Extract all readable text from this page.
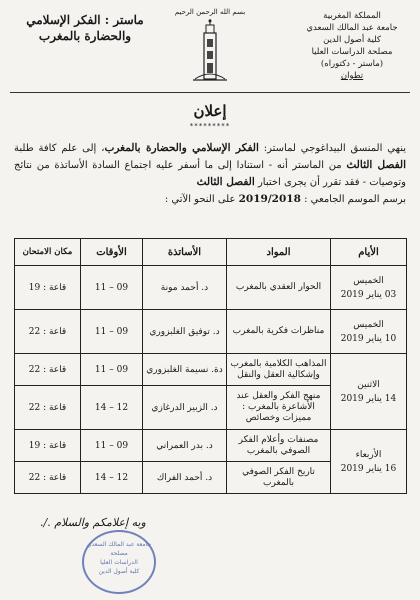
المملكة المغربية
جامعة عبد المالك السعدي
كلية أصول الدين
مصلحة الدراسات العليا
(ماستر - دكتوراه)
تطوان
بسم الله الرحمن الرحيم
ماستر : الفكر الإسلامي
والحضارة بالمغرب
إعلان
*********
ينهي المنسق البيداغوجي لماستر: الفكر الإسلامي والحضارة بالمغرب، إلى علم كافة طلبة الفصل الثالث من الماستر أنه - استنادا إلى ما أسفر عليه اجتماع السادة الأساتذة من نتائج وتوصيات - فقد تقرر أن يجرى اختبار الفصل الثالث
برسم الموسم الجامعي : 2019/2018 على النحو الآتي :
الأيام	المواد	الأساتذة	الأوقات	مكان الامتحان

الخميس
03 يناير 2019	الحوار العقدي بالمغرب	د. أحمد مونة	09 – 11	قاعة : 19

الخميس
10 يناير 2019	مناظرات فكرية بالمغرب	د. توفيق الغلبزوري	09 – 11	قاعة : 22

الاثنين
14 يناير 2019	المذاهب الكلامية بالمغرب وإشكالية العقل والنقل	دة. نسيمة الغلبزوري	09 – 11	قاعة : 22
	منهج الفكر والعقل عند الأشاعرة بالمغرب : مميزات وخصائص	د. الزبير الدرغازي	12 – 14	قاعة : 22

الأربعاء
16 يناير 2019	مصنفات وأعلام الفكر الصوفي بالمغرب	د. بدر العمراني	09 – 11	قاعة : 19
	تاريخ الفكر الصوفي بالمغرب	د. أحمد الفراك	12 – 14	قاعة : 22
وبه إعلامكم والسلام ./.
جامعة عبد المالك السعدي
مصلحة
الدراسات العليا
كلية أصول الدين
